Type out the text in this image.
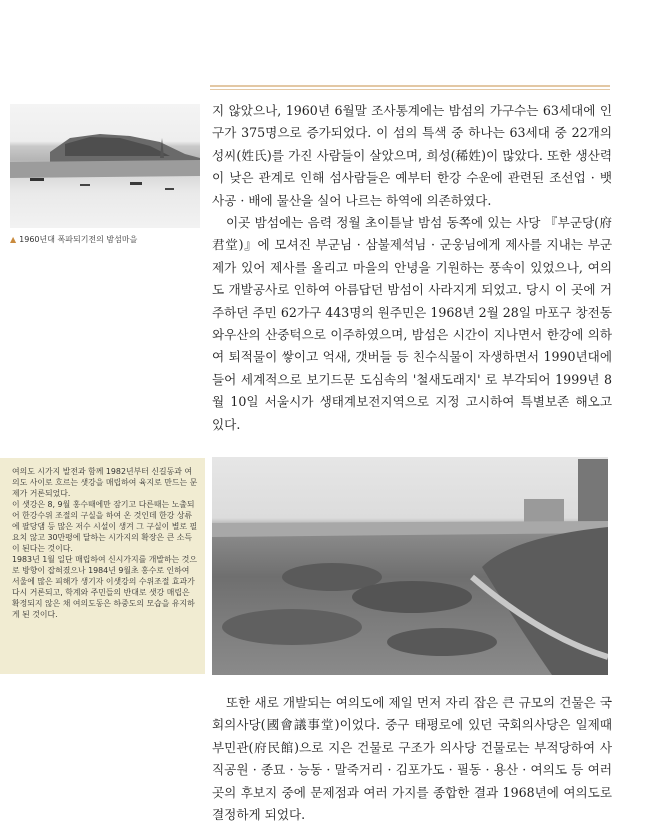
▲ 1960년대 폭파되기전의 밤섬마을

지 않았으나, 1960년 6월말 조사통계에는 밤섬의 가구수는 63세대에 인구가 375명으로 증가되었다. 이 섬의 특색 중 하나는 63세대 중 22개의 성씨(姓氏)를 가진 사람들이 살았으며, 희성(稀姓)이 많았다. 또한 생산력이 낮은 관계로 인해 섬사람들은 예부터 한강 수운에 관련된 조선업 · 뱃사공 · 배에 물산을 실어 나르는 하역에 의존하였다.

이곳 밤섬에는 음력 정월 초이튿날 밤섬 동쪽에 있는 사당 『부군당(府君堂)』에 모셔진 부군님 · 삼불제석님 · 군웅님에게 제사를 지내는 부군제가 있어 제사를 올리고 마을의 안녕을 기원하는 풍속이 있었으나, 여의도 개발공사로 인하여 아름답던 밤섬이 사라지게 되었고. 당시 이 곳에 거주하던 주민 62가구 443명의 원주민은 1968년 2월 28일 마포구 창전동 와우산의 산중턱으로 이주하였으며, 밤섬은 시간이 지나면서 한강에 의하여 퇴적물이 쌓이고 억새, 갯버들 등 친수식물이 자생하면서 1990년대에 들어 세계적으로 보기드문 도심속의 '철새도래지' 로 부각되어 1999년 8월 10일 서울시가 생태계보전지역으로 지정 고시하여 특별보존 해오고 있다.

여의도 시가지 발전과 함께 1982년부터 신길동과 여의도 사이로 흐르는 샛강을 매립하여 육지로 만드는 문제가 거론되었다.

이 샛강은 8, 9월 홍수때에만 잠기고 다른때는 노출되어 한강수위 조절의 구실을 하여 온 것인데 한강 상류에 팔당댐 등 많은 저수 시설이 생겨 그 구실이 별로 필요치 않고 30만평에 달하는 시가지의 확장은 큰 소득이 된다는 것이다.

1983년 1월 일단 매립하여 신시가지를 개발하는 것으로 방향이 잡혀졌으나 1984년 9월초 홍수로 인하여 서울에 많은 피해가 생기자 이샛강의 수위조절 효과가 다시 거론되고, 학계와 주민들의 반대로 샛강 매립은 확정되지 않은 채 여의도동은 하중도의 모습을 유지하게 된 것이다.

또한 새로 개발되는 여의도에 제일 먼저 자리 잡은 큰 규모의 건물은 국회의사당(國會議事堂)이었다. 중구 태평로에 있던 국회의사당은 일제때 부민관(府民館)으로 지은 건물로 구조가 의사당 건물로는 부적당하여 사직공원 · 종묘 · 능동 · 말죽거리 · 김포가도 · 필동 · 용산 · 여의도 등 여러 곳의 후보지 중에 문제점과 여러 가지를 종합한 결과 1968년에 여의도로 결정하게 되었다.
